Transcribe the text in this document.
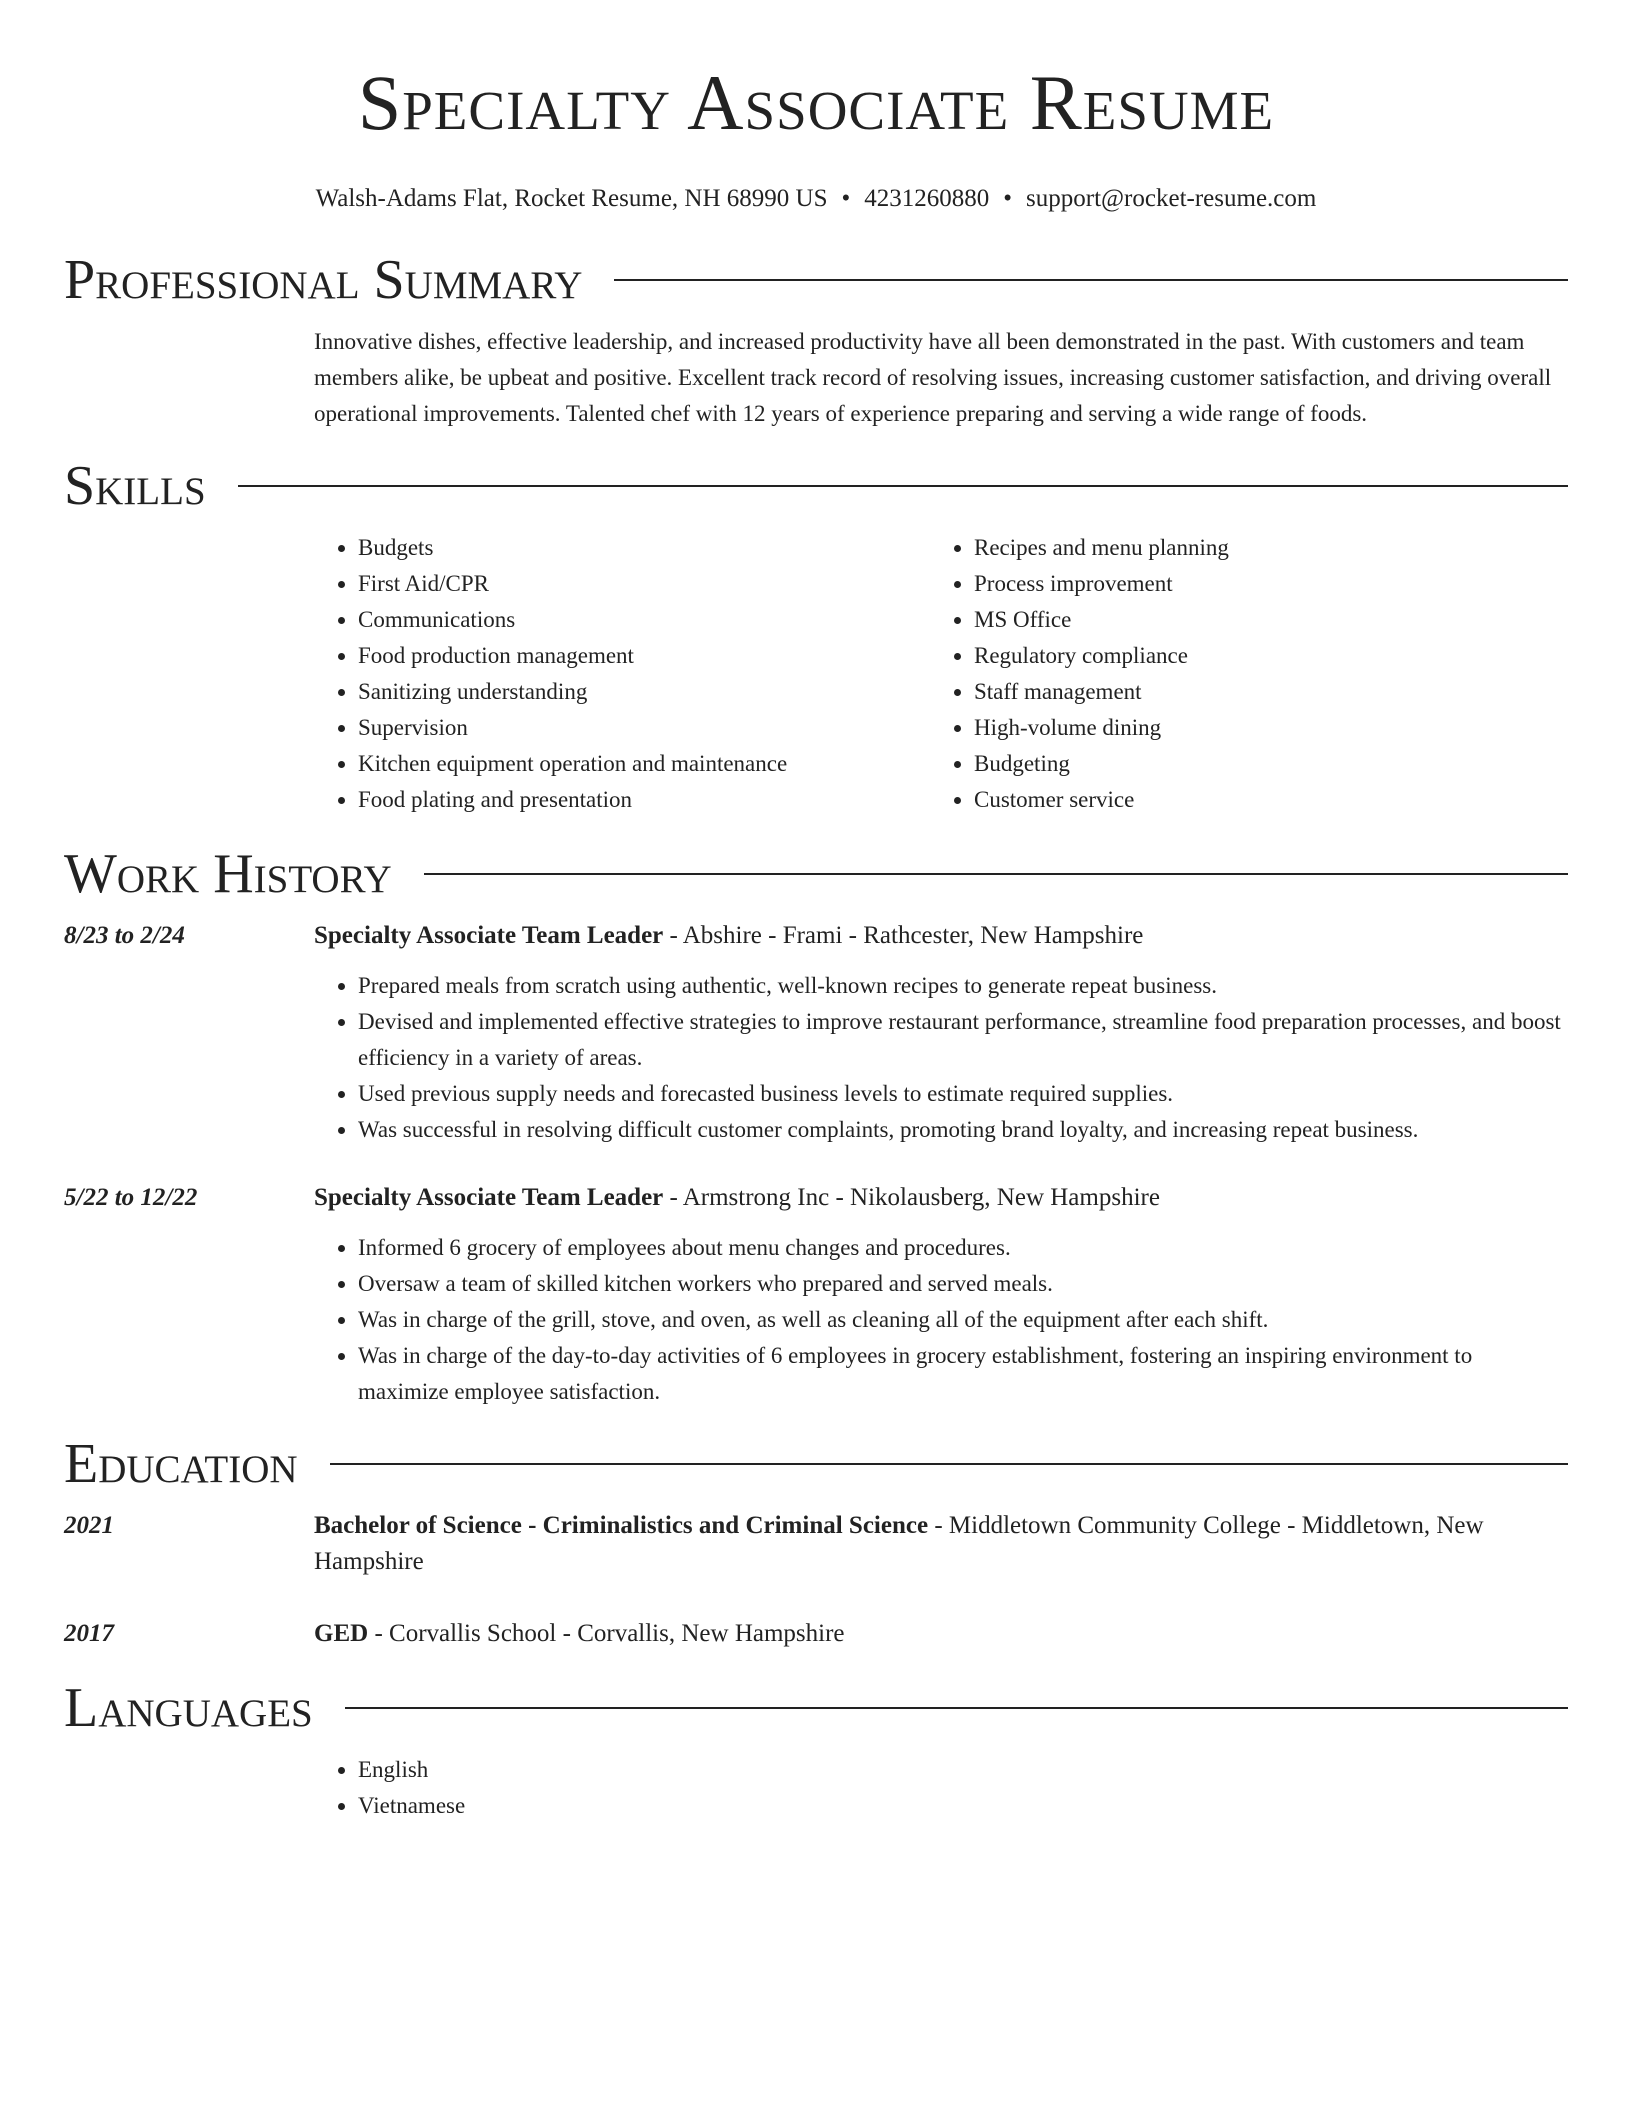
Specialty Associate Resume
Walsh-Adams Flat, Rocket Resume, NH 68990 US • 4231260880 • support@rocket-resume.com
Professional Summary
Innovative dishes, effective leadership, and increased productivity have all been demonstrated in the past. With customers and team members alike, be upbeat and positive. Excellent track record of resolving issues, increasing customer satisfaction, and driving overall operational improvements. Talented chef with 12 years of experience preparing and serving a wide range of foods.
Skills
• Budgets
• First Aid/CPR
• Communications
• Food production management
• Sanitizing understanding
• Supervision
• Kitchen equipment operation and maintenance
• Food plating and presentation
• Recipes and menu planning
• Process improvement
• MS Office
• Regulatory compliance
• Staff management
• High-volume dining
• Budgeting
• Customer service
Work History
8/23 to 2/24	Specialty Associate Team Leader - Abshire - Frami - Rathcester, New Hampshire
• Prepared meals from scratch using authentic, well-known recipes to generate repeat business.
• Devised and implemented effective strategies to improve restaurant performance, streamline food preparation processes, and boost efficiency in a variety of areas.
• Used previous supply needs and forecasted business levels to estimate required supplies.
• Was successful in resolving difficult customer complaints, promoting brand loyalty, and increasing repeat business.
5/22 to 12/22	Specialty Associate Team Leader - Armstrong Inc - Nikolausberg, New Hampshire
• Informed 6 grocery of employees about menu changes and procedures.
• Oversaw a team of skilled kitchen workers who prepared and served meals.
• Was in charge of the grill, stove, and oven, as well as cleaning all of the equipment after each shift.
• Was in charge of the day-to-day activities of 6 employees in grocery establishment, fostering an inspiring environment to maximize employee satisfaction.
Education
2021	Bachelor of Science - Criminalistics and Criminal Science - Middletown Community College - Middletown, New Hampshire
2017	GED - Corvallis School - Corvallis, New Hampshire
Languages
• English
• Vietnamese
